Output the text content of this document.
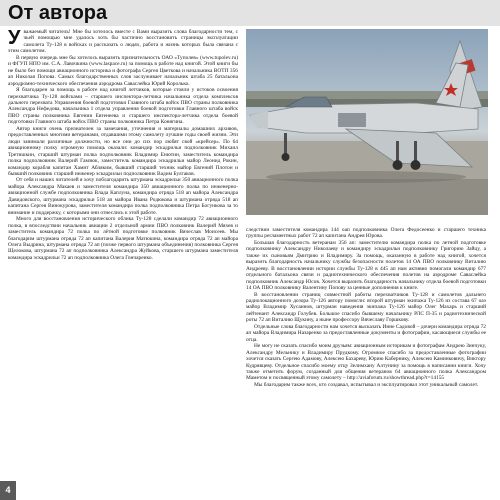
От автора

Уважаемый читатель! Мне бы хотелось вместе с Вами выразить слова благодарности тем, с чьей помощью мне удалось хоть бы частично восстановить страницы эксплуатации самолета Ту-128 в войсках и рассказать о людях, работа и жизнь которых была связана с этим самолетом.

В первую очередь мне бы хотелось выразить признательность ОАО «Туполев» (www.tupolev.ru) и ФГУП НПО им. С.А. Лавочкина (www.laspace.ru) за помощь в работе над книгой. Этой книги бы не было без помощи авиационного историка и фотографа Сергея Цветкова и начальника ВОТП 356 ап Николая Попова. Самых благодарственных слов заслуживает начальник штаба 25 батальона аэродромно-технического обеспечения аэродрома Саваслейка Юрий Королько.

Я благодарен за помощь в работе над книгой летчиков, которые стояли у истоков освоения перехватчика Ту-128 войсками – старшего инспектора-летчика начальника отдела комплексов дальнего перехвата Управления боевой подготовки Главного штаба войск ПВО страны полковника Александра Нефедова, начальника 1 отдела управления боевой подготовки Главного штаба войск ПВО страны полковника Евгения Евтенеева и старшего инспектора-летчика отдела боевой подготовки Главного штаба войск ПВО страны полковника Петра Конягина.

Автор книги очень признателен за замечания, уточнения и материалы домашних архивов, предоставленных многими ветеранами, отдавшими этому самолету лучшие годы своей жизни. Эти люди занимали различные должности, но все они до сих пор любят свой «крейсер». По 64 авиационному полку огромную помощь оказали: командир эскадрильи подполковник Михаил Третишкин, старший штурман полка подполковник Владимир Енютин, заместитель командира полка подполковник Валерий Гамзюк, заместитель командира эскадрильи майор Леонид Рокин, командир корабля капитан Хамит Абляким, бывший старший техник майор Евгений Плотон и бывший полковник старший инженер эскадрильи подполковник Вадим Булгаков.

От себя и наших читателей я хочу поблагодарить штурмана эскадрильи 350 авиационного полка майора Александра Макаев и заместителя командира 350 авиационного полка по инженерно-авиационной службе подполковника Влада Каплуна, командира отряда 518 ап майора Александра Давидовского, штурмана эскадрильи 518 ап майора Ивана Родюкова и штурмана отряда 518 ап капитана Сергея Винокурова, заместителя командира полка подполковника Петра Богункова за то внимание и поддержку, с которыми они отнеслись к этой работе.

Много для восстановления исторического облика Ту-128 сделали командир 72 авиационного полка, в впоследствии начальник авиации 2 отдельной армии ПВО полковник Валерий Мяхев и заместитель командира 72 полка по лётной подготовке полковник Вячеслав Моисеев. Мы благодарим штурмана отряда 72 ап капитана Валерия Матюкина, командира отряда 72 ап майора Олега Выдрина, штурмана отряда 72 ап (позже первого штурмана объединения) полковника Сергея Щелокова, штурмана 72 ап подполковника Александра Жуйкова, старшего штурмана заместителя командира эскадрильи 72 ап подполковника Олега Гончаренко.

следствии заместителя командира 144 оап подполковника Олега Федосеенко и старшего техника группы регламентных работ 72 ап капитана Андрея Юрова.

Большая благодарность ветеранам 356 ап: заместителю командира полка по летной подготовке подполковнику Александру Николаеву и командиру эскадрильи подполковнику Григорию Зайцу, а также их сыновьям Дмитрию и Владимиру. За помощь, оказанную в работе над книгой, хочется выразить благодарность начальнику службы безопасности полетов 14 ОА ПВО полковнику Виталию Андрееву. В восстановлении истории службы Ту-128 в 445 ап нам активно помогали командир 677 отдельного батальона связи и радиотехнического обеспечения полетов на аэродроме Саваслейка подполковник Александр Юсов. Хочется выразить благодарность начальнику отдела боевой подготовки 14 ОА ПВО полковнику Валентину Попову за ценные дополнения к книге.

В восстановлении страниц совместной работы перехватчиков Ту-128 и самолетов дальнего радиолокационного дозора Ту-126 автору помогли: второй штурман экипажа Ту-126 из состава 67 оаэ майор Владимир Хусаинов, штурман наведения экипажа Ту-126 майор Олег Махарь и старший лейтенант Александр Голубев. Большое спасибо бывшему начальнику РЛС П-35 и радиотехнической роты 72 ап Виталию Щукину, а ныне профессору Вячеславу Горшкову.

Отдельные слова благодарности нам хочется высказать Инне Садовой – дочери командира отряда 72 ап майора Владимира Назаренко за предоставленные документы и фотографии, касающиеся службы ее отца.

Не могу не сказать спасибо моим друзьям: авиационным историкам и фотографам Андрею Зинчуку, Александру Мельнику и Владимиру Прудкому. Огромное спасибо за предоставленные фотографии хочется сказать Сергею Адамову, Алексею Бахареву, Юрию Кабернику, Алексею Каминковичу, Виктору Кудрявцеву. Отдельное спасибо моему отцу Зелимхану Алтунину за помощь в написании книги. Хочу также отметить форум, созданный для общения ветеранов 64 авиационного полка Александром Маметом и посвященный этому самолету – http://aviaforum.ru/showthread.php?t=14155

Мы благодарим также всех, кто создавал, испытывал и эксплуатировал этот уникальный самолет.

4
